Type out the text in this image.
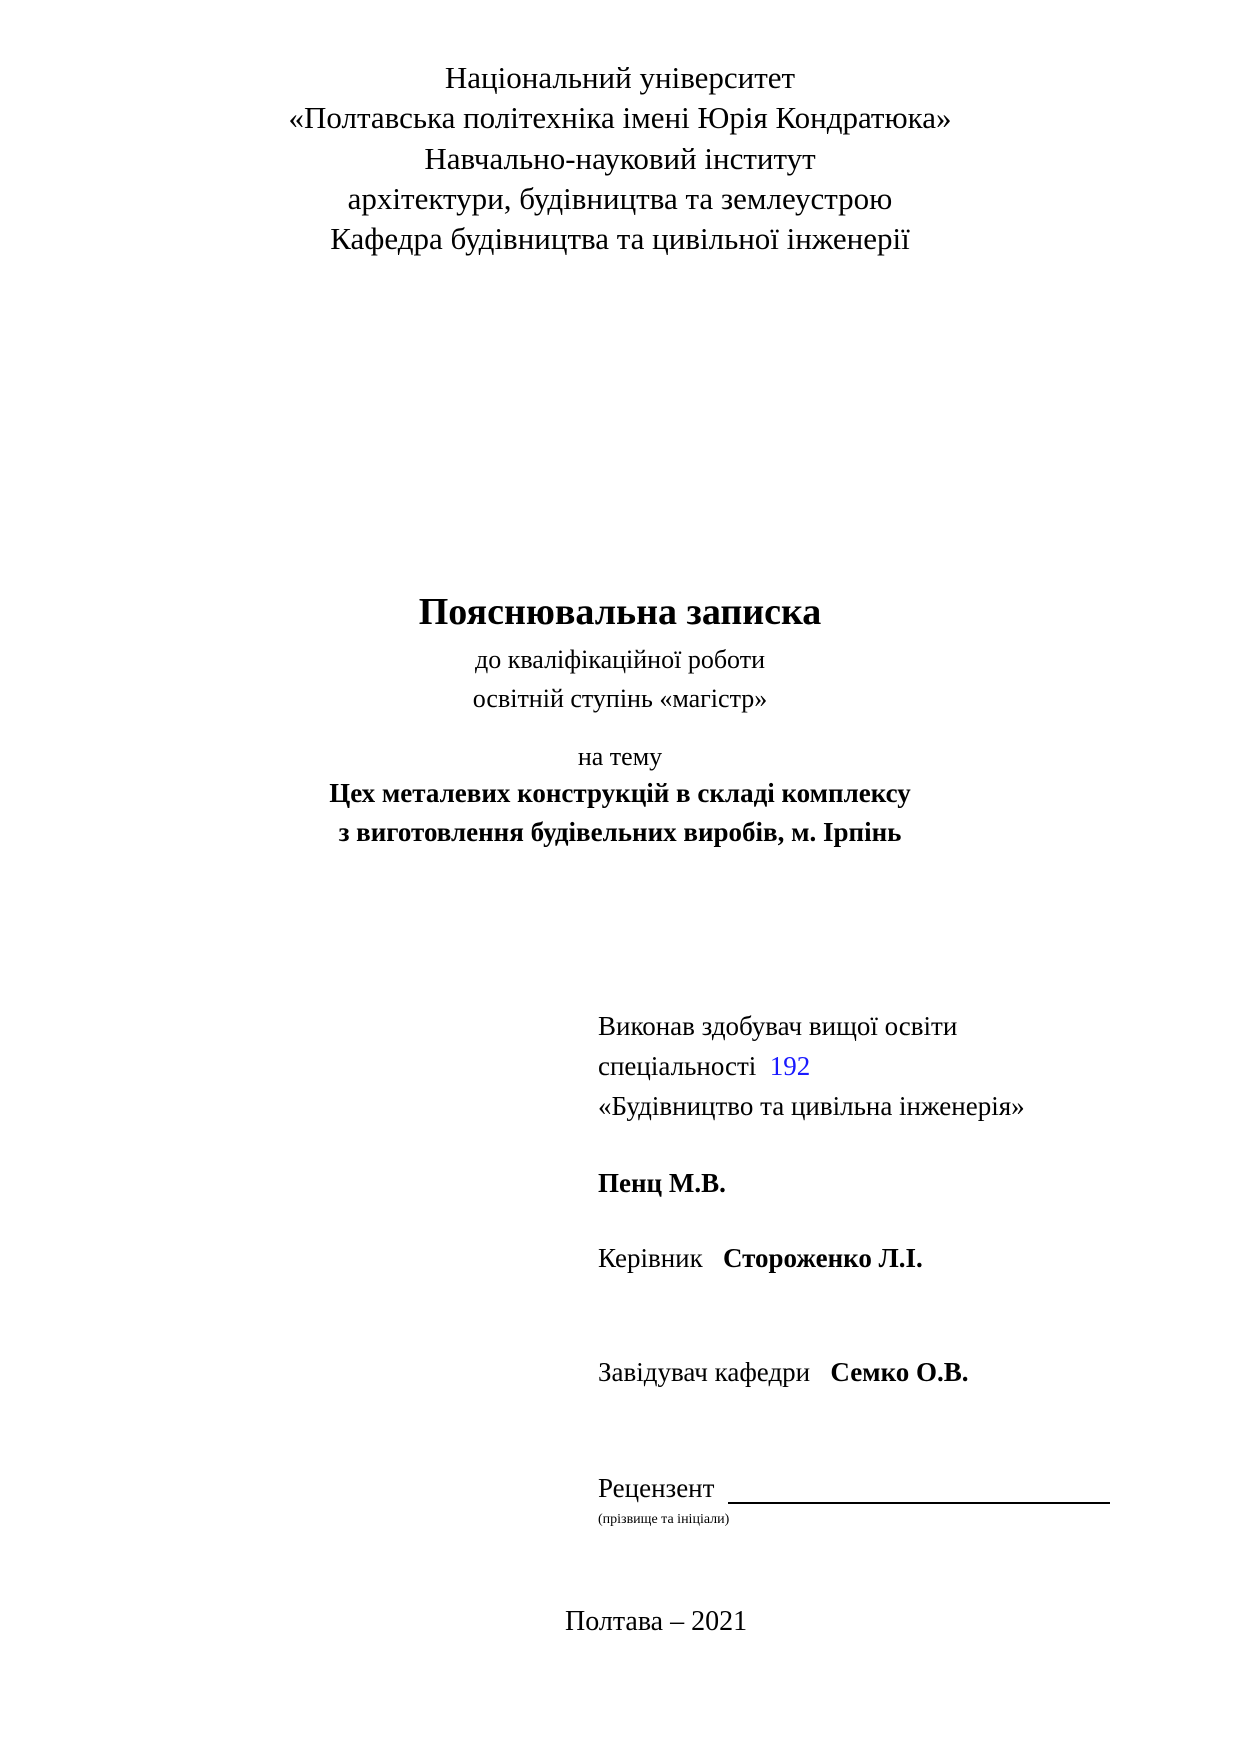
Національний університет
«Полтавська політехніка імені Юрія Кондратюка»
Навчально-науковий інститут
архітектури, будівництва та землеустрою
Кафедра будівництва та цивільної інженерії
Пояснювальна записка
до кваліфікаційної роботи
освітній ступінь «магістр»
на тему
Цех металевих конструкцій в складі комплексу
з виготовлення будівельних виробів, м. Ірпінь
Виконав здобувач вищої освіти
спеціальності 192
«Будівництво та цивільна інженерія»
Пенц М.В.
Керівник Стороженко Л.І.
Завідувач кафедри Семко О.В.
Рецензент
(прізвище та ініціали)
Полтава – 2021
